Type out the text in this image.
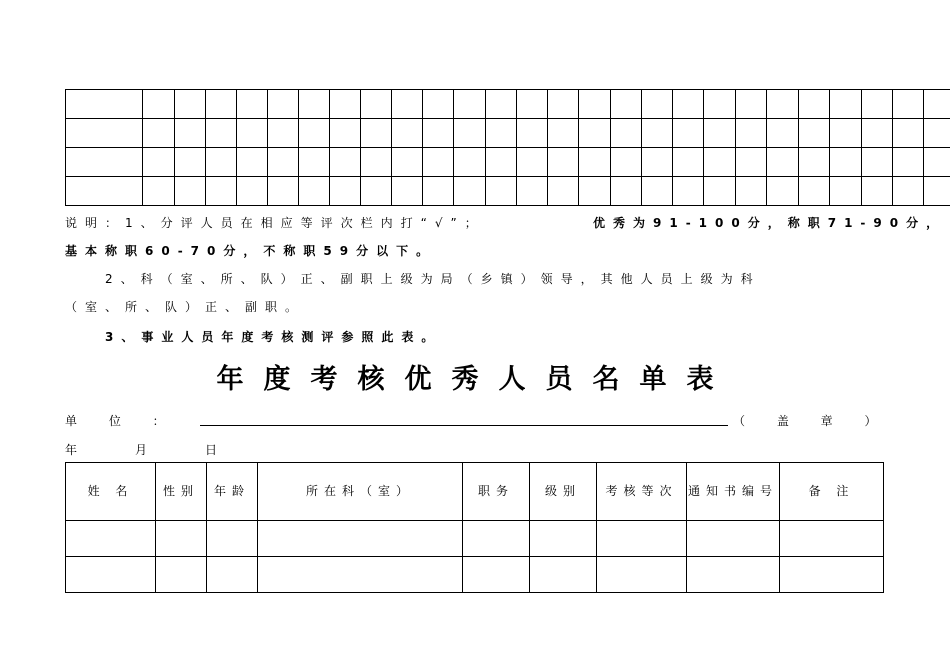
说明：1、分评人员在相应等评次栏内打“√”；	优秀为91-100分，称职71-90分，
基本称职60-70分，不称职59分以下。
2、科（室、所、队）正、副职上级为局（乡镇）领导，其他人员上级为科
（室、所、队）正、副职。
3、事业人员年度考核测评参照此表。
年度考核优秀人员名单表
单 位 ：	（ 盖 章 ）
年	月	日
姓 名	性别	年龄	所在科（室）	职务	级别	考核等次	通知书编号	备 注
